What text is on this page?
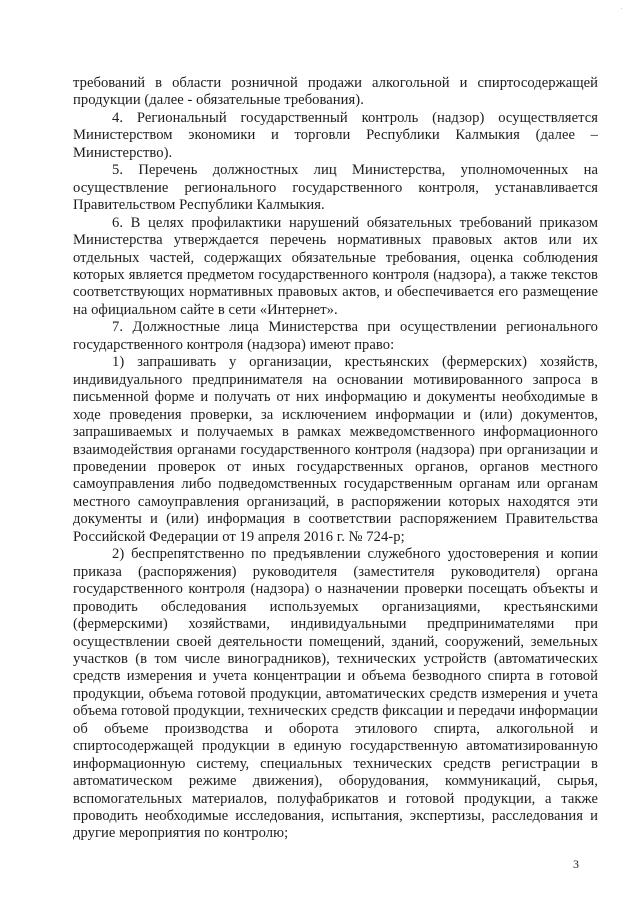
требований в области розничной продажи алкогольной и спиртосодержащей продукции (далее - обязательные требования).

4. Региональный государственный контроль (надзор) осуществляется Министерством экономики и торговли Республики Калмыкия (далее – Министерство).

5. Перечень должностных лиц Министерства, уполномоченных на осуществление регионального государственного контроля, устанавливается Правительством Республики Калмыкия.

6. В целях профилактики нарушений обязательных требований приказом Министерства утверждается перечень нормативных правовых актов или их отдельных частей, содержащих обязательные требования, оценка соблюдения которых является предметом государственного контроля (надзора), а также текстов соответствующих нормативных правовых актов, и обеспечивается его размещение на официальном сайте в сети «Интернет».

7. Должностные лица Министерства при осуществлении регионального государственного контроля (надзора) имеют право:

1) запрашивать у организации, крестьянских (фермерских) хозяйств, индивидуального предпринимателя на основании мотивированного запроса в письменной форме и получать от них информацию и документы необходимые в ходе проведения проверки, за исключением информации и (или) документов, запрашиваемых и получаемых в рамках межведомственного информационного взаимодействия органами государственного контроля (надзора) при организации и проведении проверок от иных государственных органов, органов местного самоуправления либо подведомственных государственным органам или органам местного самоуправления организаций, в распоряжении которых находятся эти документы и (или) информация в соответствии распоряжением Правительства Российской Федерации от 19 апреля 2016 г. № 724-р;

2) беспрепятственно по предъявлении служебного удостоверения и копии приказа (распоряжения) руководителя (заместителя руководителя) органа государственного контроля (надзора) о назначении проверки посещать объекты и проводить обследования используемых организациями, крестьянскими (фермерскими) хозяйствами, индивидуальными предпринимателями при осуществлении своей деятельности помещений, зданий, сооружений, земельных участков (в том числе виноградников), технических устройств (автоматических средств измерения и учета концентрации и объема безводного спирта в готовой продукции, объема готовой продукции, автоматических средств измерения и учета объема готовой продукции, технических средств фиксации и передачи информации об объеме производства и оборота этилового спирта, алкогольной и спиртосодержащей продукции в единую государственную автоматизированную информационную систему, специальных технических средств регистрации в автоматическом режиме движения), оборудования, коммуникаций, сырья, вспомогательных материалов, полуфабрикатов и готовой продукции, а также проводить необходимые исследования, испытания, экспертизы, расследования и другие мероприятия по контролю;

3
